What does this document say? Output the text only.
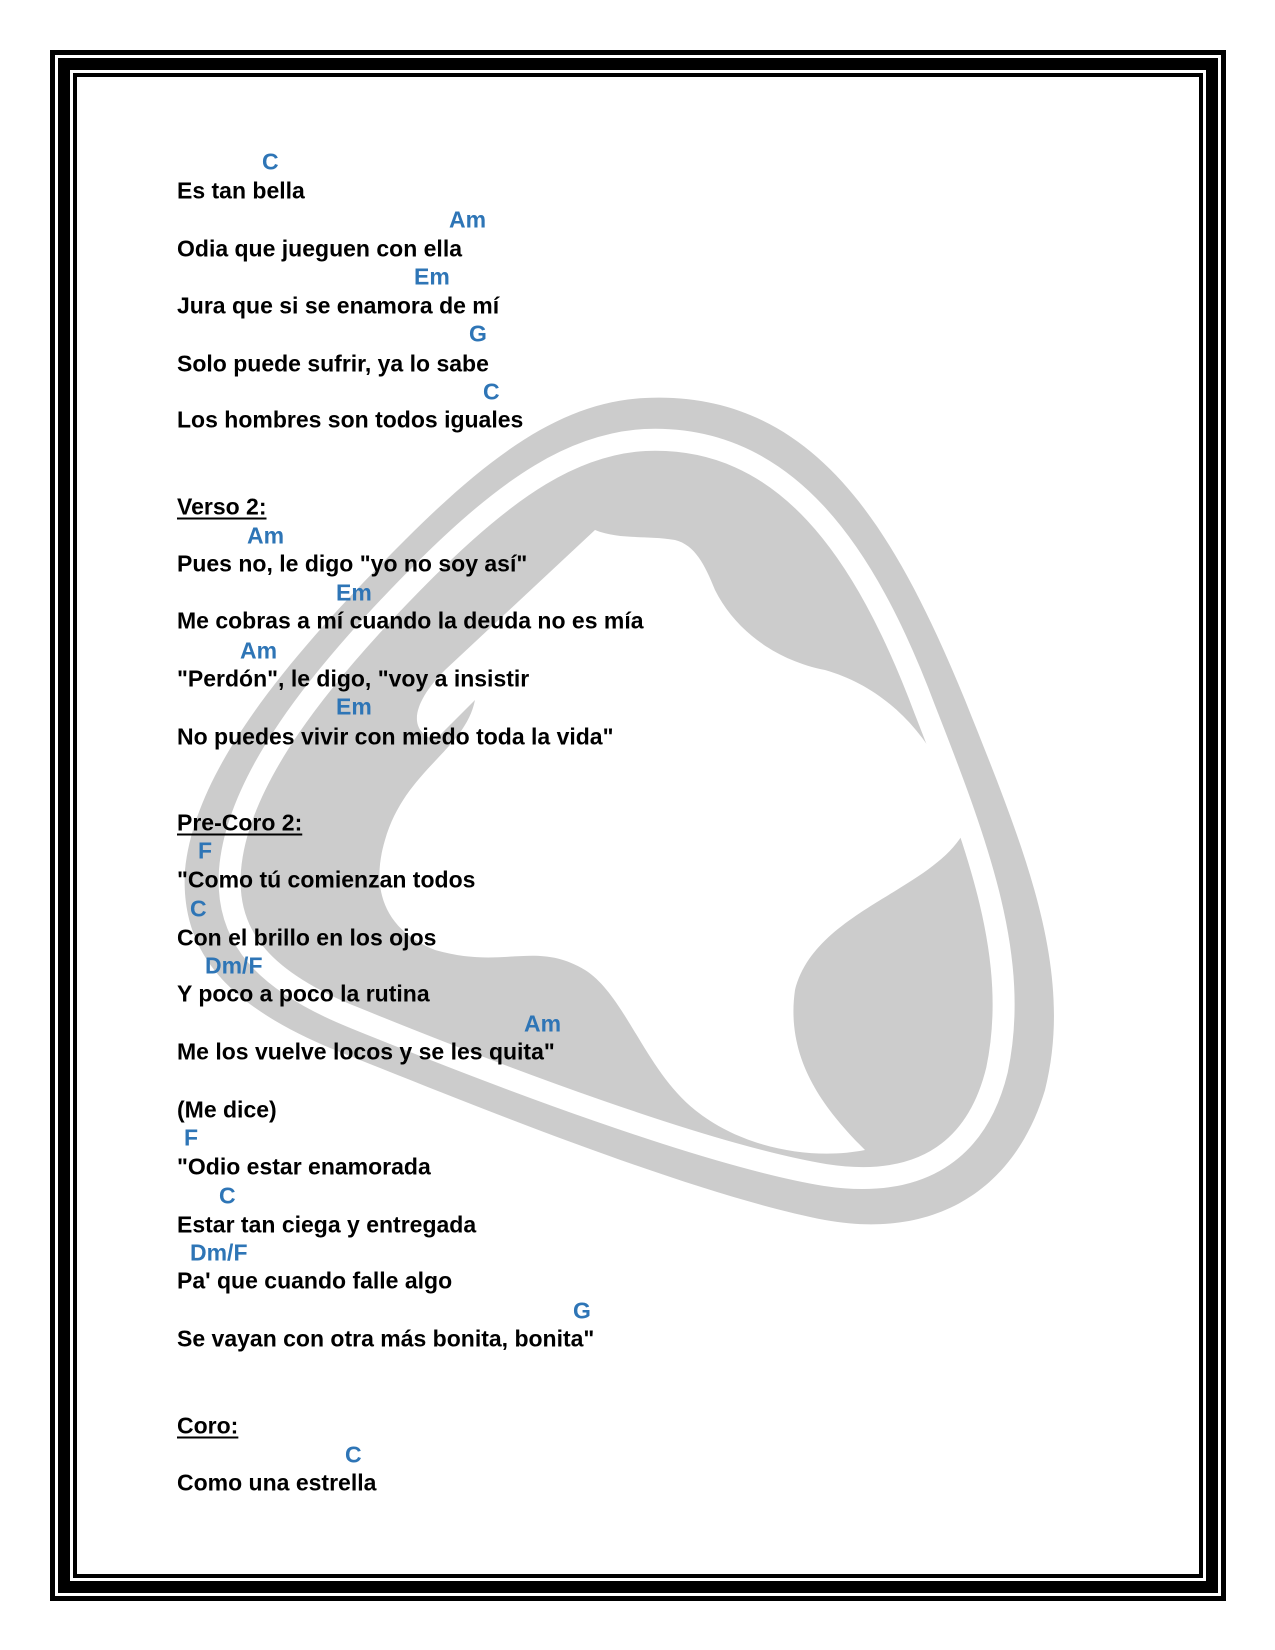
C
Es tan bella
Am
Odia que jueguen con ella
Em
Jura que si se enamora de mí
G
Solo puede sufrir, ya lo sabe
C
Los hombres son todos iguales
Verso 2:
Am
Pues no, le digo "yo no soy así"
Em
Me cobras a mí cuando la deuda no es mía
Am
"Perdón", le digo, "voy a insistir
Em
No puedes vivir con miedo toda la vida"
Pre-Coro 2:
F
"Como tú comienzan todos
C
Con el brillo en los ojos
Dm/F
Y poco a poco la rutina
Am
Me los vuelve locos y se les quita"
(Me dice)
F
"Odio estar enamorada
C
Estar tan ciega y entregada
Dm/F
Pa' que cuando falle algo
G
Se vayan con otra más bonita, bonita"
Coro:
C
Como una estrella
